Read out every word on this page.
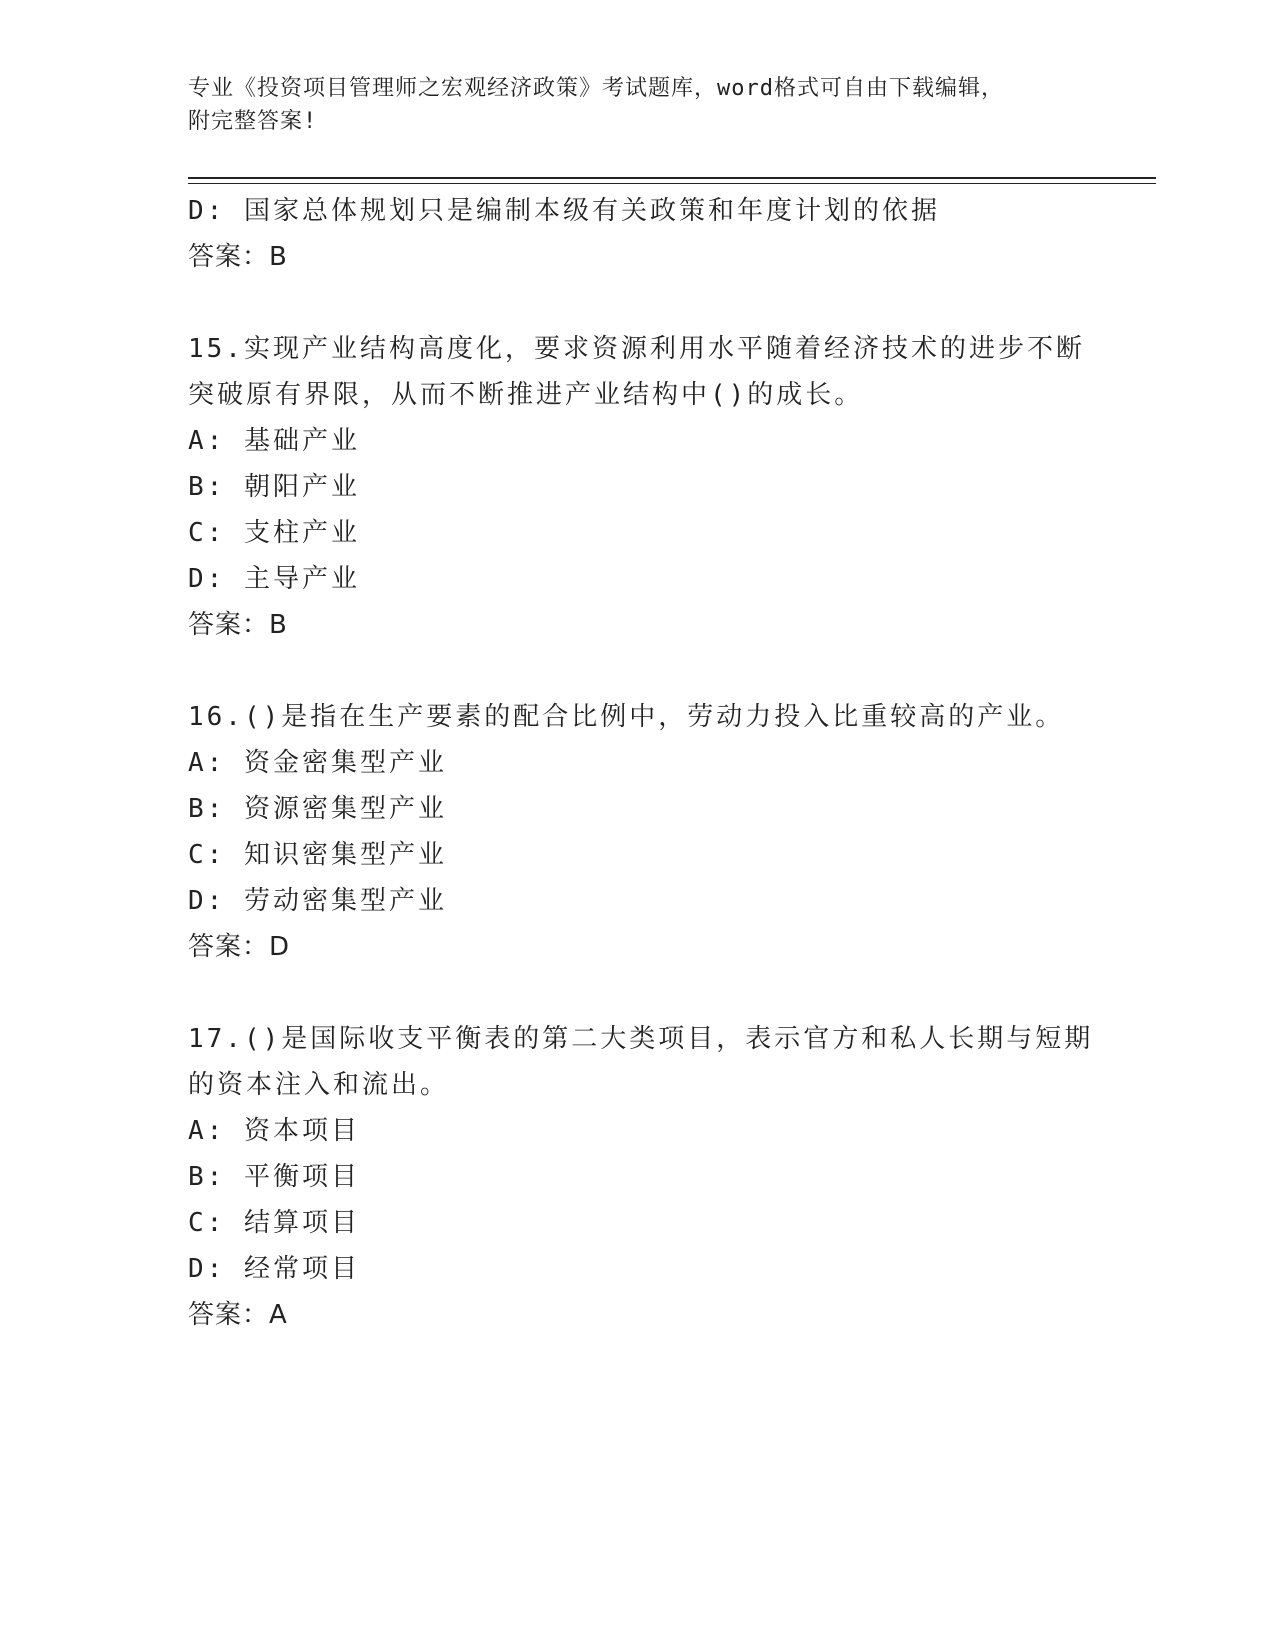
专业《投资项目管理师之宏观经济政策》考试题库，word格式可自由下载编辑，
附完整答案!
D: 国家总体规划只是编制本级有关政策和年度计划的依据
答案：B
15.实现产业结构高度化，要求资源利用水平随着经济技术的进步不断
突破原有界限，从而不断推进产业结构中()的成长。
A: 基础产业
B: 朝阳产业
C: 支柱产业
D: 主导产业
答案：B
16.()是指在生产要素的配合比例中，劳动力投入比重较高的产业。
A: 资金密集型产业
B: 资源密集型产业
C: 知识密集型产业
D: 劳动密集型产业
答案：D
17.()是国际收支平衡表的第二大类项目，表示官方和私人长期与短期
的资本注入和流出。
A: 资本项目
B: 平衡项目
C: 结算项目
D: 经常项目
答案：A
